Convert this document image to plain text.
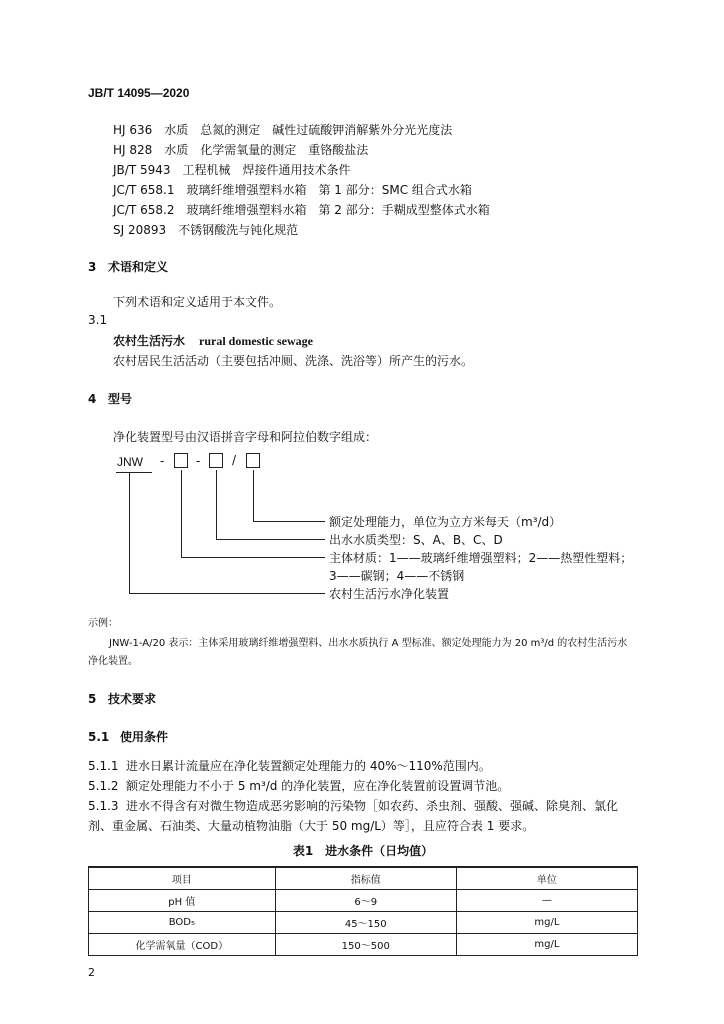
JB/T 14095—2020
HJ 636　水质　总氮的测定　碱性过硫酸钾消解紫外分光光度法
HJ 828　水质　化学需氧量的测定　重铬酸盐法
JB/T 5943　工程机械　焊接件通用技术条件
JC/T 658.1　玻璃纤维增强塑料水箱　第 1 部分：SMC 组合式水箱
JC/T 658.2　玻璃纤维增强塑料水箱　第 2 部分：手糊成型整体式水箱
SJ 20893　不锈钢酸洗与钝化规范
3 术语和定义
下列术语和定义适用于本文件。
3.1
农村生活污水 rural domestic sewage
农村居民生活活动（主要包括冲厕、洗涤、洗浴等）所产生的污水。
4 型号
净化装置型号由汉语拼音字母和阿拉伯数字组成：
JNW -	-	/
额定处理能力，单位为立方米每天（m³/d）
出水水质类型：S、A、B、C、D
主体材质：1——玻璃纤维增强塑料；2——热塑性塑料；
3——碳钢；4——不锈钢
农村生活污水净化装置
示例：
JNW-1-A/20 表示：主体采用玻璃纤维增强塑料、出水水质执行 A 型标准、额定处理能力为 20 m³/d 的农村生活污水
净化装置。
5 技术要求
5.1 使用条件
5.1.1 进水日累计流量应在净化装置额定处理能力的 40%～110%范围内。
5.1.2 额定处理能力不小于 5 m³/d 的净化装置，应在净化装置前设置调节池。
5.1.3 进水不得含有对微生物造成恶劣影响的污染物［如农药、杀虫剂、强酸、强碱、除臭剂、氯化
剂、重金属、石油类、大量动植物油脂（大于 50 mg/L）等］，且应符合表 1 要求。
表1　进水条件（日均值）
项目	指标值	单位
pH 值	6～9	—
BOD₅	45～150	mg/L
化学需氧量（COD）	150～500	mg/L
2
